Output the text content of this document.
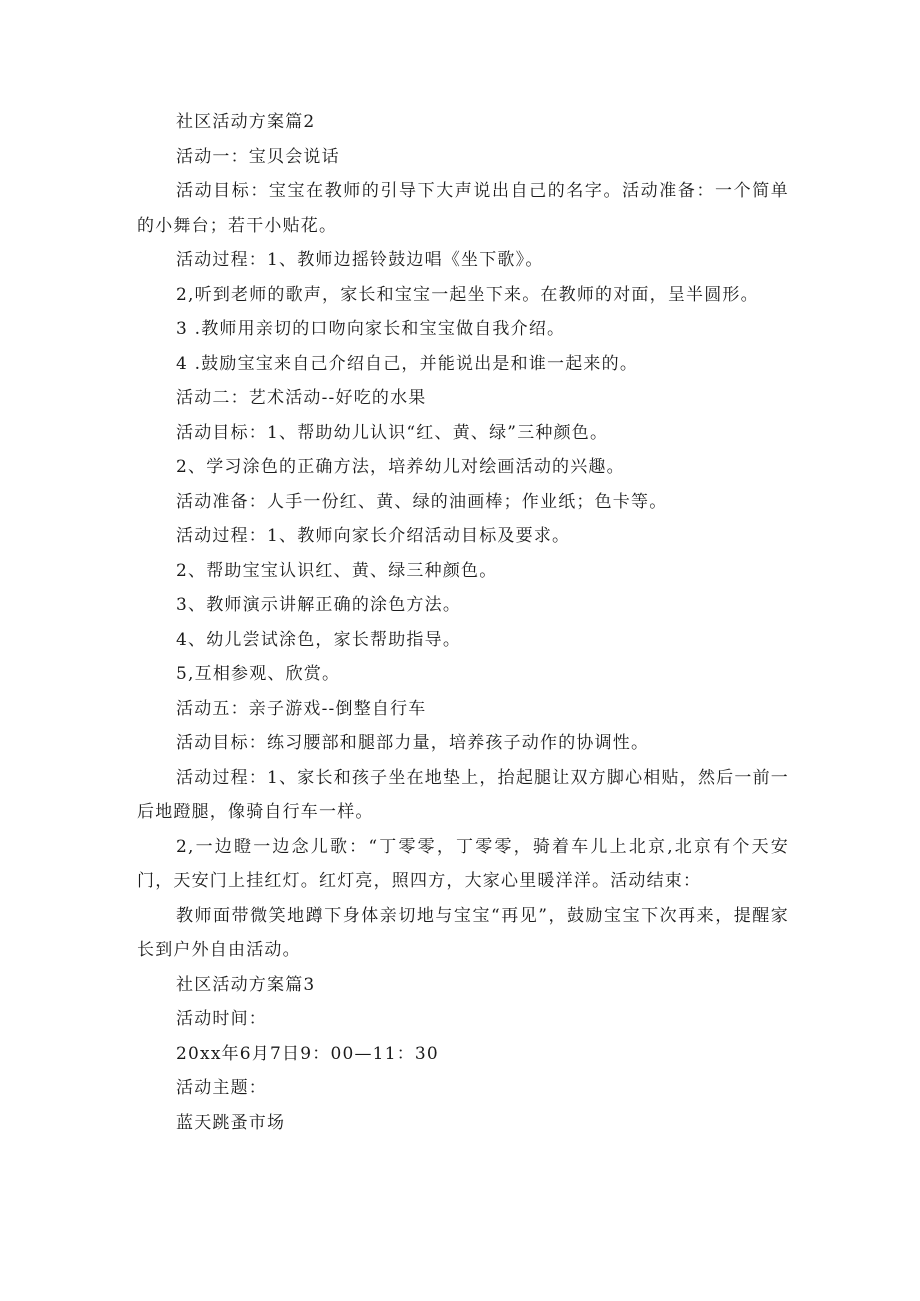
社区活动方案篇2

活动一：宝贝会说话

活动目标：宝宝在教师的引导下大声说出自己的名字。活动准备：一个简单的小舞台；若干小贴花。

活动过程：1、教师边摇铃鼓边唱《坐下歌》。

2,听到老师的歌声，家长和宝宝一起坐下来。在教师的对面，呈半圆形。

3 .教师用亲切的口吻向家长和宝宝做自我介绍。

4 .鼓励宝宝来自己介绍自己，并能说出是和谁一起来的。

活动二：艺术活动--好吃的水果

活动目标：1、帮助幼儿认识“红、黄、绿”三种颜色。

2、学习涂色的正确方法，培养幼儿对绘画活动的兴趣。

活动准备：人手一份红、黄、绿的油画棒；作业纸；色卡等。

活动过程：1、教师向家长介绍活动目标及要求。

2、帮助宝宝认识红、黄、绿三种颜色。

3、教师演示讲解正确的涂色方法。

4、幼儿尝试涂色，家长帮助指导。

5,互相参观、欣赏。

活动五：亲子游戏--倒整自行车

活动目标：练习腰部和腿部力量，培养孩子动作的协调性。

活动过程：1、家长和孩子坐在地垫上，抬起腿让双方脚心相贴，然后一前一后地蹬腿，像骑自行车一样。

2,一边瞪一边念儿歌：“丁零零，丁零零，骑着车儿上北京,北京有个天安门，天安门上挂红灯。红灯亮，照四方，大家心里暖洋洋。活动结束：

教师面带微笑地蹲下身体亲切地与宝宝“再见”，鼓励宝宝下次再来，提醒家长到户外自由活动。

社区活动方案篇3

活动时间：

20xx年6月7日9：00—11：30

活动主题：

蓝天跳蚤市场
